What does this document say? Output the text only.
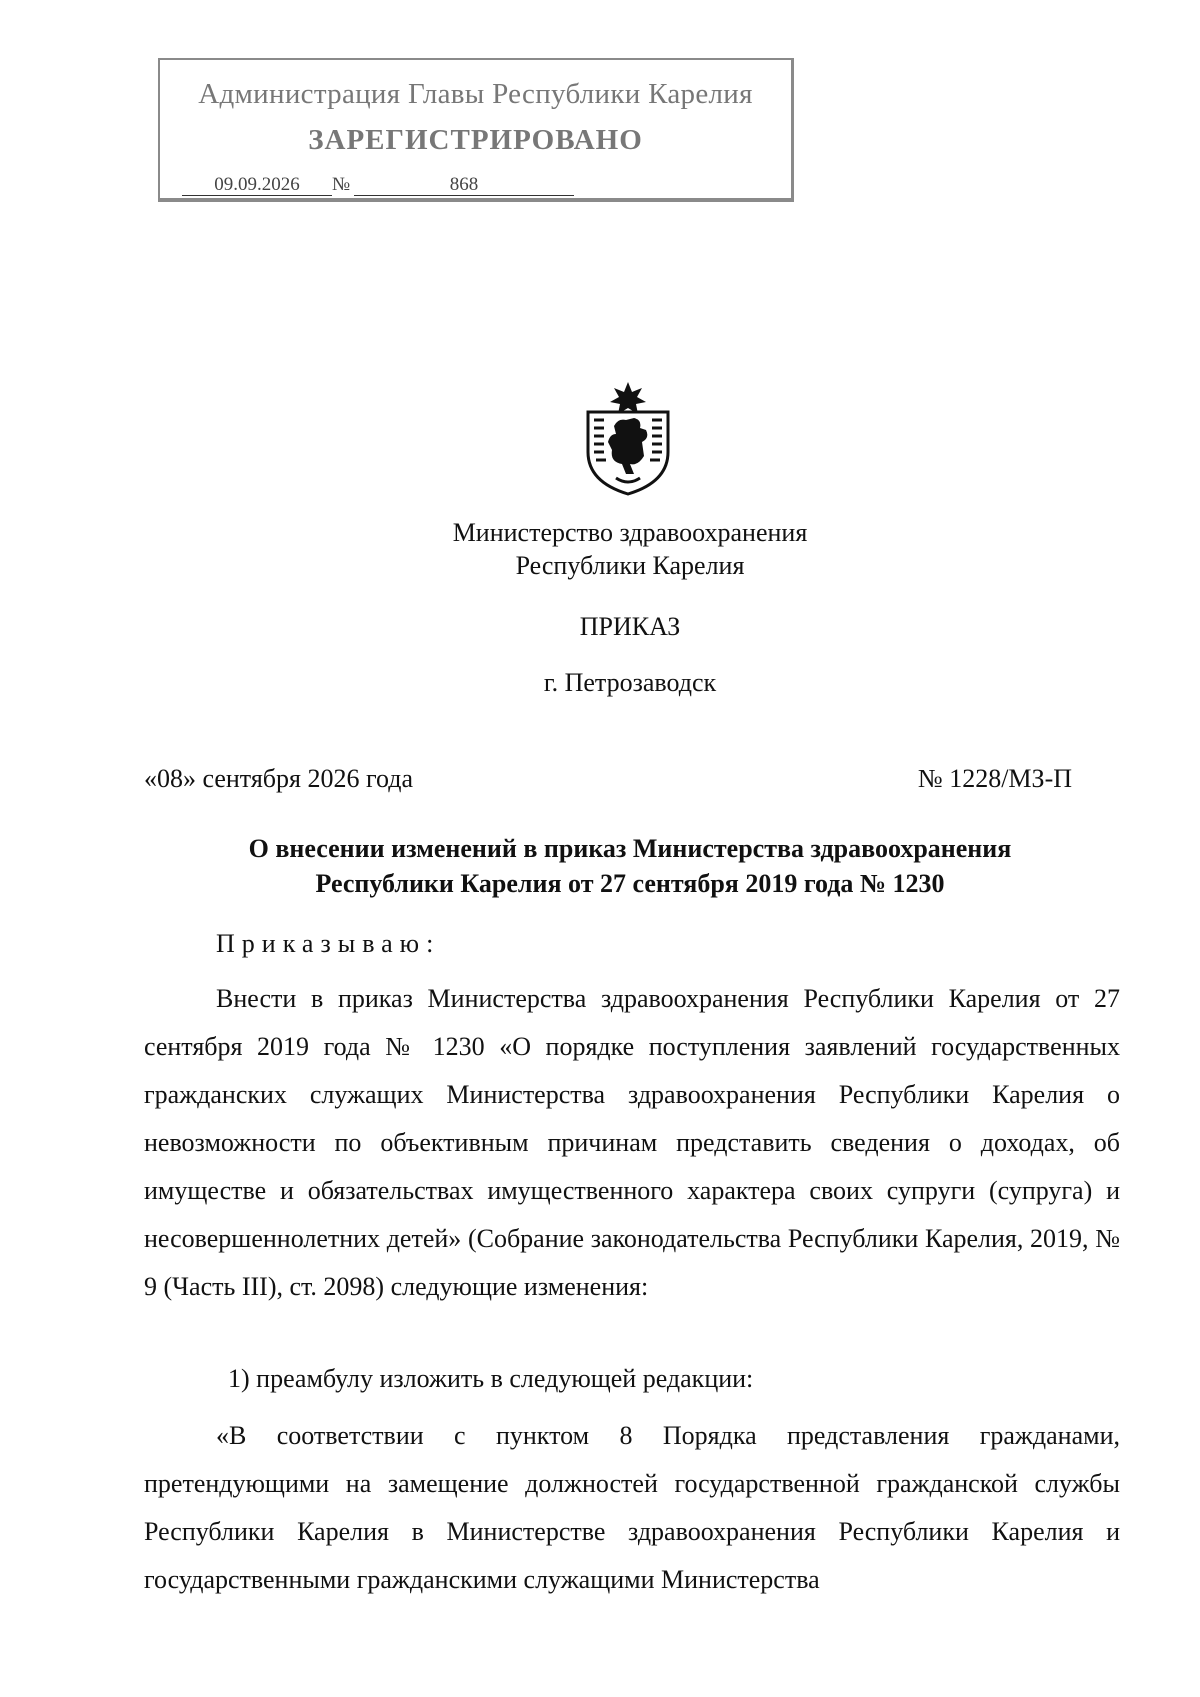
Администрация Главы Республики Карелия
ЗАРЕГИСТРИРОВАНО
09.09.2026 №	868
Министерство здравоохранения
Республики Карелия
ПРИКАЗ
г. Петрозаводск
«08» сентября 2026 года	№ 1228/МЗ-П
О внесении изменений в приказ Министерства здравоохранения
Республики Карелия от 27 сентября 2019 года № 1230
Приказываю:
Внести в приказ Министерства здравоохранения Республики Карелия от 27 сентября 2019 года № 1230 «О порядке поступления заявлений государственных гражданских служащих Министерства здравоохранения Республики Карелия о невозможности по объективным причинам представить сведения о доходах, об имуществе и обязательствах имущественного характера своих супруги (супруга) и несовершеннолетних детей» (Собрание законодательства Республики Карелия, 2019, № 9 (Часть III), ст. 2098) следующие изменения:
1) преамбулу изложить в следующей редакции:
«В соответствии с пунктом 8 Порядка представления гражданами, претендующими на замещение должностей государственной гражданской службы Республики Карелия в Министерстве здравоохранения Республики Карелия и государственными гражданскими служащими Министерства
